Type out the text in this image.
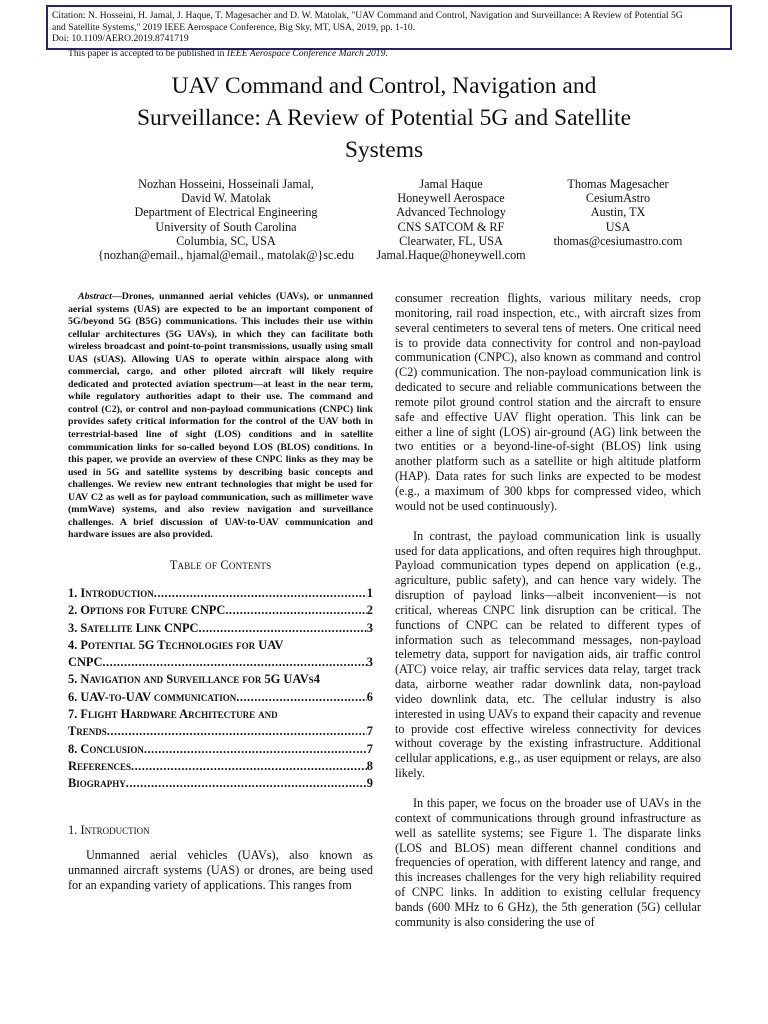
Citation: N. Hosseini, H. Jamal, J. Haque, T. Magesacher and D. W. Matolak, "UAV Command and Control, Navigation and Surveillance: A Review of Potential 5G
and Satellite Systems," 2019 IEEE Aerospace Conference, Big Sky, MT, USA, 2019, pp. 1-10.
Doi: 10.1109/AERO.2019.8741719
This paper is accepted to be published in IEEE Aerospace Conference March 2019.
UAV Command and Control, Navigation and
Surveillance: A Review of Potential 5G and Satellite
Systems
Nozhan Hosseini, Hosseinali Jamal,
David W. Matolak
Department of Electrical Engineering
University of South Carolina
Columbia, SC, USA
{nozhan@email., hjamal@email., matolak@}sc.edu
Jamal Haque
Honeywell Aerospace
Advanced Technology
CNS SATCOM & RF
Clearwater, FL, USA
Jamal.Haque@honeywell.com
Thomas Magesacher
CesiumAstro
Austin, TX
USA
thomas@cesiumastro.com

Abstract—Drones, unmanned aerial vehicles (UAVs), or unmanned aerial systems (UAS) are expected to be an important component of 5G/beyond 5G (B5G) communications. This includes their use within cellular architectures (5G UAVs), in which they can facilitate both wireless broadcast and point-to-point transmissions, usually using small UAS (sUAS). Allowing UAS to operate within airspace along with commercial, cargo, and other piloted aircraft will likely require dedicated and protected aviation spectrum—at least in the near term, while regulatory authorities adapt to their use. The command and control (C2), or control and non-payload communications (CNPC) link provides safety critical information for the control of the UAV both in terrestrial-based line of sight (LOS) conditions and in satellite communication links for so-called beyond LOS (BLOS) conditions. In this paper, we provide an overview of these CNPC links as they may be used in 5G and satellite systems by describing basic concepts and challenges. We review new entrant technologies that might be used for UAV C2 as well as for payload communication, such as millimeter wave (mmWave) systems, and also review navigation and surveillance challenges. A brief discussion of UAV-to-UAV communication and hardware issues are also provided.

Table of Contents
1. Introduction .....	1
2. Options for Future CNPC .....	2
3. Satellite Link CNPC .....	3
4. Potential 5G Technologies for UAV
CNPC .....	3
5. Navigation and Surveillance for 5G UAVs 4
6. UAV-to-UAV communication .....	6
7. Flight Hardware Architecture and
Trends .....	7
8. Conclusion .....	7
References .....	8
Biography .....	9
1. Introduction

Unmanned aerial vehicles (UAVs), also known as unmanned aircraft systems (UAS) or drones, are being used for an expanding variety of applications. This ranges from

consumer recreation flights, various military needs, crop monitoring, rail road inspection, etc., with aircraft sizes from several centimeters to several tens of meters. One critical need is to provide data connectivity for control and non-payload communication (CNPC), also known as command and control (C2) communication. The non-payload communication link is dedicated to secure and reliable communications between the remote pilot ground control station and the aircraft to ensure safe and effective UAV flight operation. This link can be either a line of sight (LOS) air-ground (AG) link between the two entities or a beyond-line-of-sight (BLOS) link using another platform such as a satellite or high altitude platform (HAP). Data rates for such links are expected to be modest (e.g., a maximum of 300 kbps for compressed video, which would not be used continuously).

In contrast, the payload communication link is usually used for data applications, and often requires high throughput. Payload communication types depend on application (e.g., agriculture, public safety), and can hence vary widely. The disruption of payload links—albeit inconvenient—is not critical, whereas CNPC link disruption can be critical. The functions of CNPC can be related to different types of information such as telecommand messages, non-payload telemetry data, support for navigation aids, air traffic control (ATC) voice relay, air traffic services data relay, target track data, airborne weather radar downlink data, non-payload video downlink data, etc. The cellular industry is also interested in using UAVs to expand their capacity and revenue to provide cost effective wireless connectivity for devices without coverage by the existing infrastructure. Additional cellular applications, e.g., as user equipment or relays, are also likely.

In this paper, we focus on the broader use of UAVs in the context of communications through ground infrastructure as well as satellite systems; see Figure 1. The disparate links (LOS and BLOS) mean different channel conditions and frequencies of operation, with different latency and range, and this increases challenges for the very high reliability required of CNPC links. In addition to existing cellular frequency bands (600 MHz to 6 GHz), the 5th generation (5G) cellular community is also considering the use of
